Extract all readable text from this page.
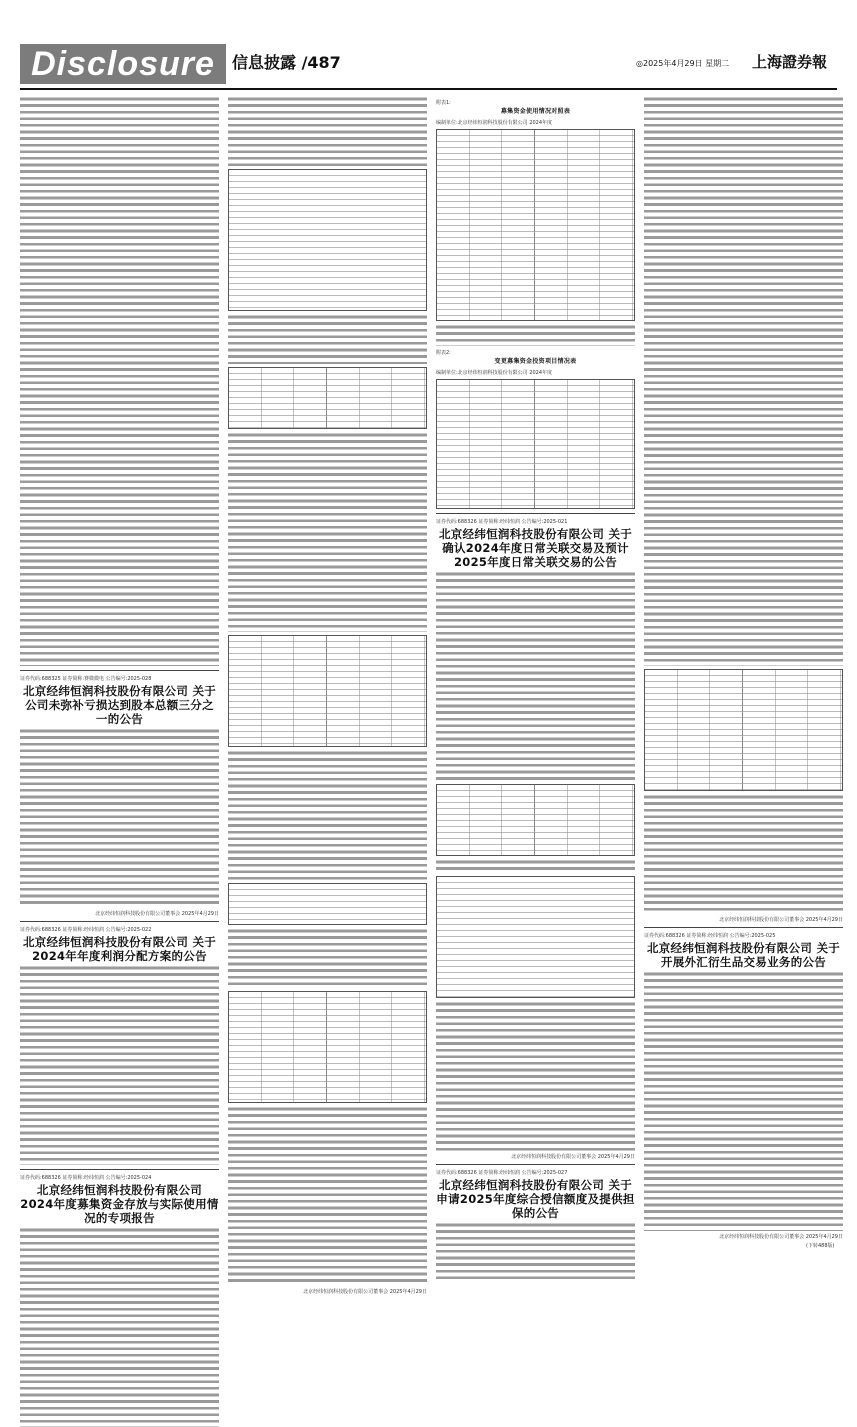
Disclosure	信息披露 /487	◎2025年4月29日 星期二 上海證券報
证券代码:688325 证券简称:赛微微电 公告编号:2025-028
北京经纬恒润科技股份有限公司 关于公司未弥补亏损达到股本总额三分之一的公告
北京经纬恒润科技股份有限公司董事会 2025年4月29日
证券代码:688326 证券简称:经纬恒润 公告编号:2025-022
北京经纬恒润科技股份有限公司 关于2024年年度利润分配方案的公告
证券代码:688326 证券简称:经纬恒润 公告编号:2025-024
北京经纬恒润科技股份有限公司 2024年度募集资金存放与实际使用情况的专项报告
北京经纬恒润科技股份有限公司董事会 2025年4月29日
附表1:
募集资金使用情况对照表
编制单位:北京经纬恒润科技股份有限公司 2024年度
附表2:
变更募集资金投资项目情况表
编制单位:北京经纬恒润科技股份有限公司 2024年度
证券代码:688326 证券简称:经纬恒润 公告编号:2025-021
北京经纬恒润科技股份有限公司 关于确认2024年度日常关联交易及预计2025年度日常关联交易的公告
北京经纬恒润科技股份有限公司董事会 2025年4月29日
证券代码:688326 证券简称:经纬恒润 公告编号:2025-027
北京经纬恒润科技股份有限公司 关于申请2025年度综合授信额度及提供担保的公告
北京经纬恒润科技股份有限公司董事会 2025年4月29日
证券代码:688326 证券简称:经纬恒润 公告编号:2025-025
北京经纬恒润科技股份有限公司 关于开展外汇衍生品交易业务的公告
北京经纬恒润科技股份有限公司董事会 2025年4月29日
(下转488版)
